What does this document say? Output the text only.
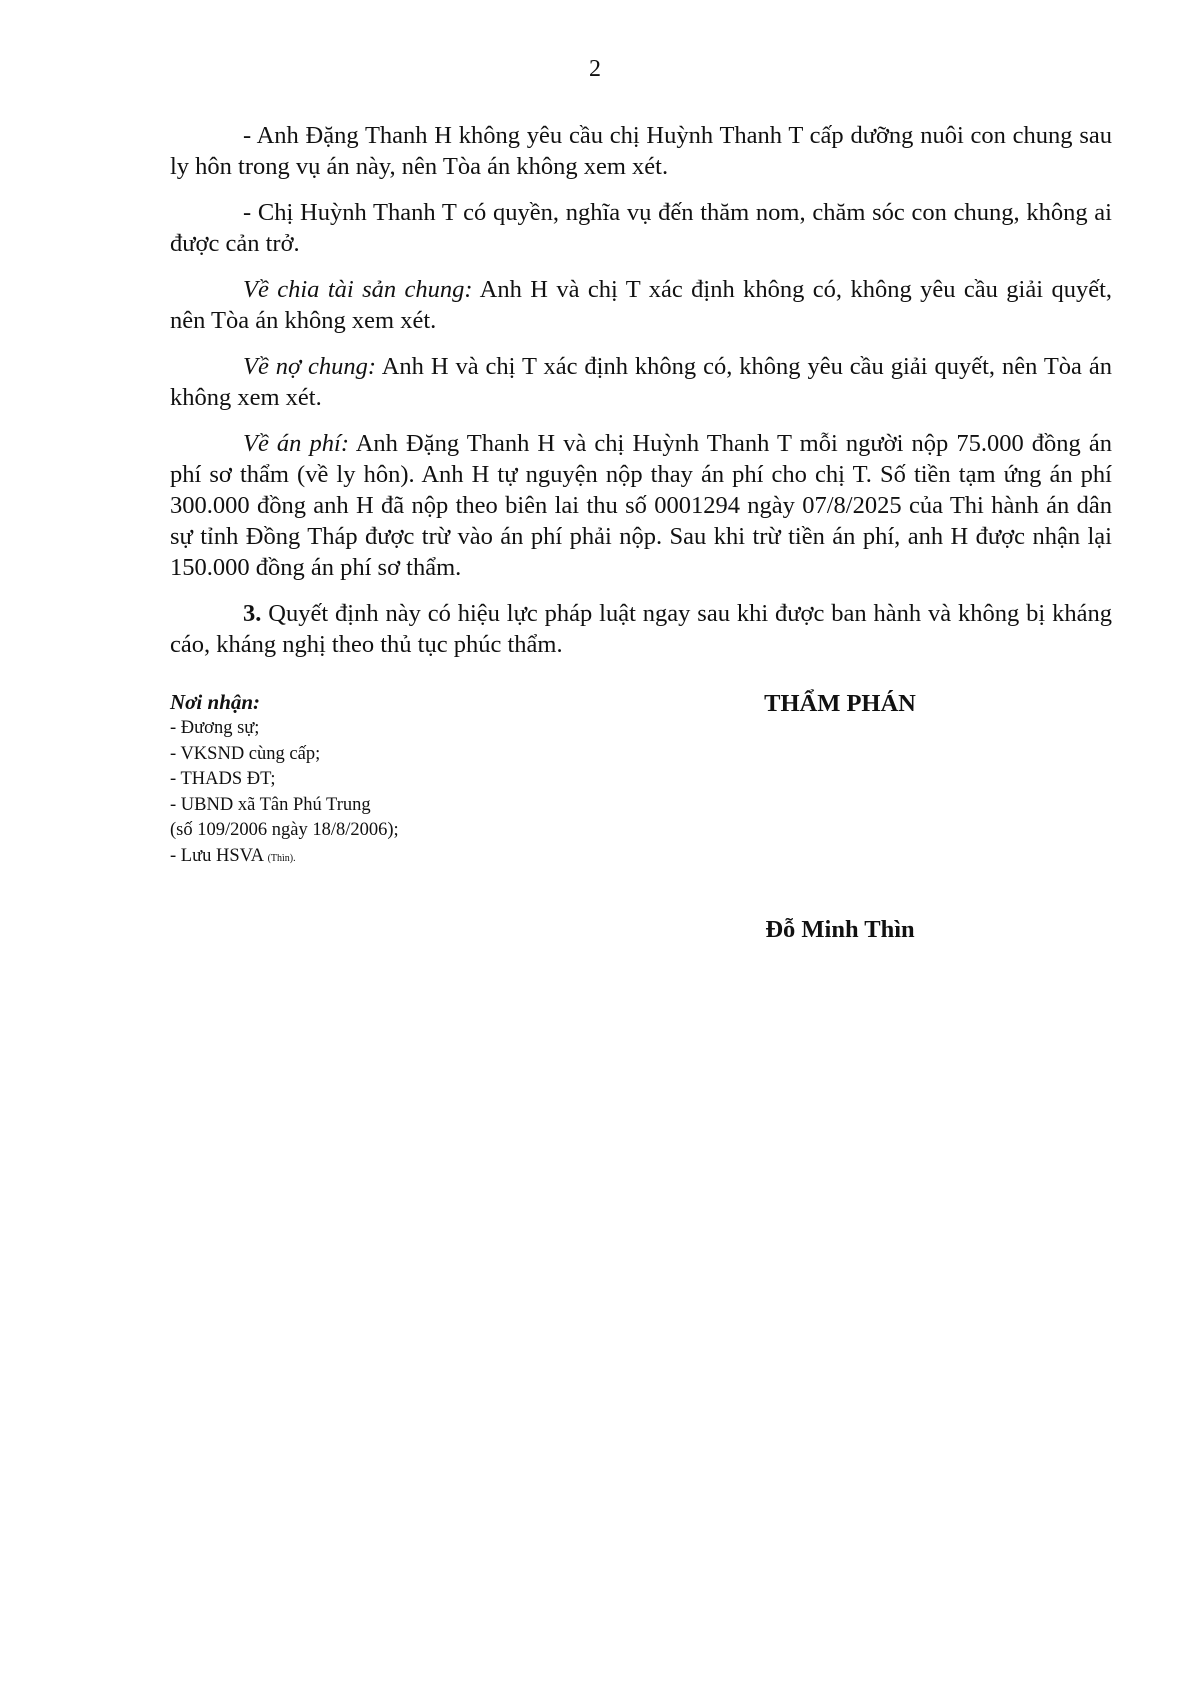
2

- Anh Đặng Thanh H không yêu cầu chị Huỳnh Thanh T cấp dưỡng nuôi con chung sau ly hôn trong vụ án này, nên Tòa án không xem xét.

- Chị Huỳnh Thanh T có quyền, nghĩa vụ đến thăm nom, chăm sóc con chung, không ai được cản trở.

Về chia tài sản chung: Anh H và chị T xác định không có, không yêu cầu giải quyết, nên Tòa án không xem xét.

Về nợ chung: Anh H và chị T xác định không có, không yêu cầu giải quyết, nên Tòa án không xem xét.

Về án phí: Anh Đặng Thanh H và chị Huỳnh Thanh T mỗi người nộp 75.000 đồng án phí sơ thẩm (về ly hôn). Anh H tự nguyện nộp thay án phí cho chị T. Số tiền tạm ứng án phí 300.000 đồng anh H đã nộp theo biên lai thu số 0001294 ngày 07/8/2025 của Thi hành án dân sự tỉnh Đồng Tháp được trừ vào án phí phải nộp. Sau khi trừ tiền án phí, anh H được nhận lại 150.000 đồng án phí sơ thẩm.

3. Quyết định này có hiệu lực pháp luật ngay sau khi được ban hành và không bị kháng cáo, kháng nghị theo thủ tục phúc thẩm.

Nơi nhận:
- Đương sự;
- VKSND cùng cấp;
- THADS ĐT;
- UBND xã Tân Phú Trung
(số 109/2006 ngày 18/8/2006);
- Lưu HSVA (Thìn).
THẨM PHÁN
Đỗ Minh Thìn
